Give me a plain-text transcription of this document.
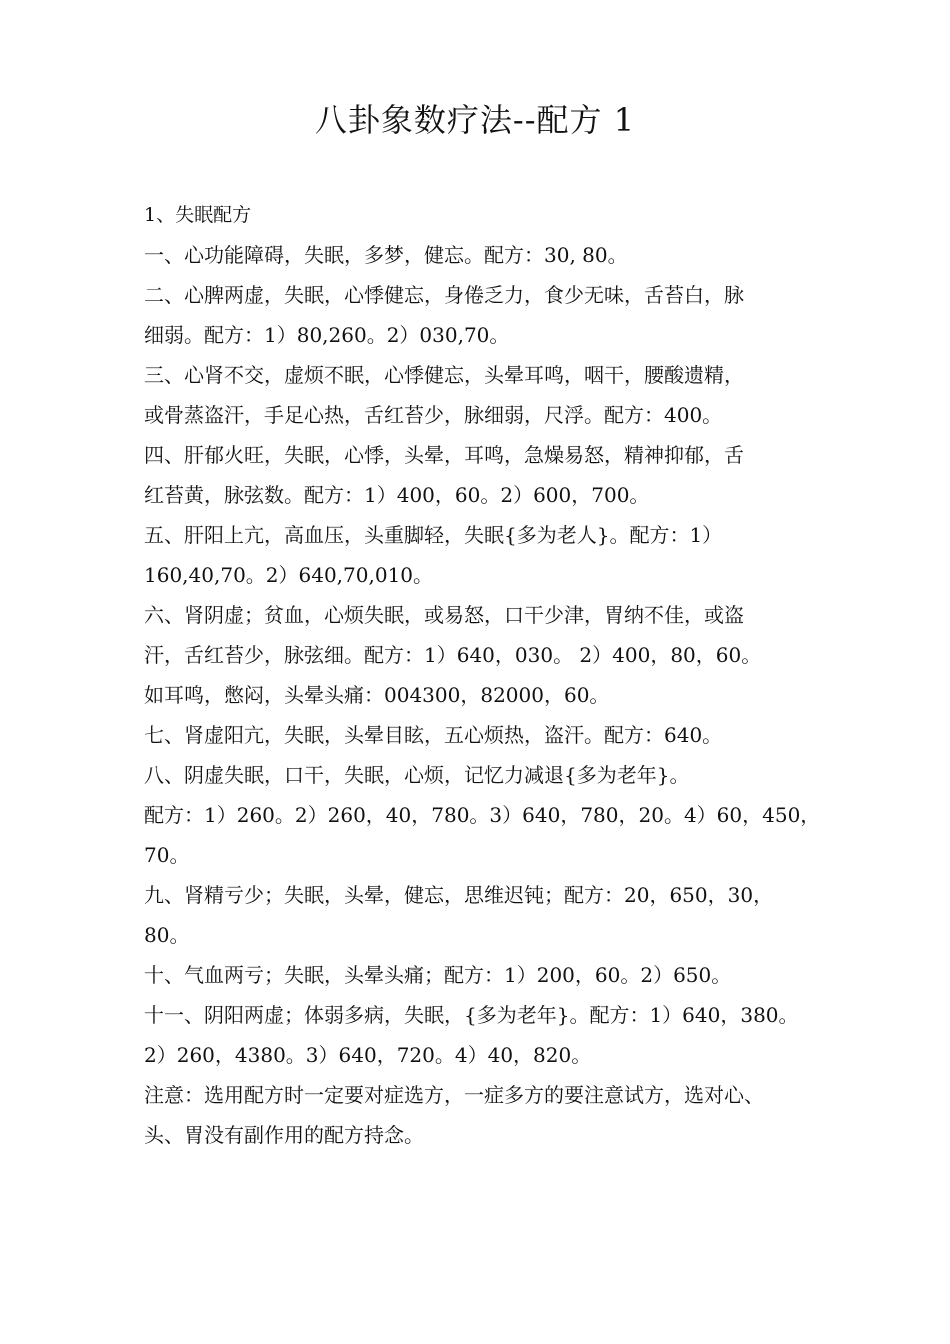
八卦象数疗法--配方 1
1、失眠配方
一、心功能障碍，失眠，多梦，健忘。配方：30, 80。
二、心脾两虚，失眠，心悸健忘，身倦乏力，食少无味，舌苔白，脉
细弱。配方：1）80,260。2）030,70。
三、心肾不交，虚烦不眠，心悸健忘，头晕耳鸣，咽干，腰酸遗精，
或骨蒸盗汗，手足心热，舌红苔少，脉细弱，尺浮。配方：400。
四、肝郁火旺，失眠，心悸，头晕，耳鸣，急燥易怒，精神抑郁，舌
红苔黄，脉弦数。配方：1）400，60。2）600，700。
五、肝阳上亢，高血压，头重脚轻，失眠{多为老人}。配方：1）
160,40,70。2）640,70,010。
六、肾阴虚；贫血，心烦失眠，或易怒，口干少津，胃纳不佳，或盗
汗，舌红苔少，脉弦细。配方：1）640，030。 2）400，80，60。
如耳鸣，憋闷，头晕头痛：004300，82000，60。
七、肾虚阳亢，失眠，头晕目眩，五心烦热，盗汗。配方：640。
八、阴虚失眠，口干，失眠，心烦，记忆力减退{多为老年}。
配方：1）260。2）260，40，780。3）640，780，20。4）60，450，
70。
九、肾精亏少；失眠，头晕，健忘，思维迟钝；配方：20，650，30，
80。
十、气血两亏；失眠，头晕头痛；配方：1）200，60。2）650。
十一、阴阳两虚；体弱多病，失眠，{多为老年}。配方：1）640，380。
2）260，4380。3）640，720。4）40，820。
注意：选用配方时一定要对症选方，一症多方的要注意试方，选对心、
头、胃没有副作用的配方持念。
